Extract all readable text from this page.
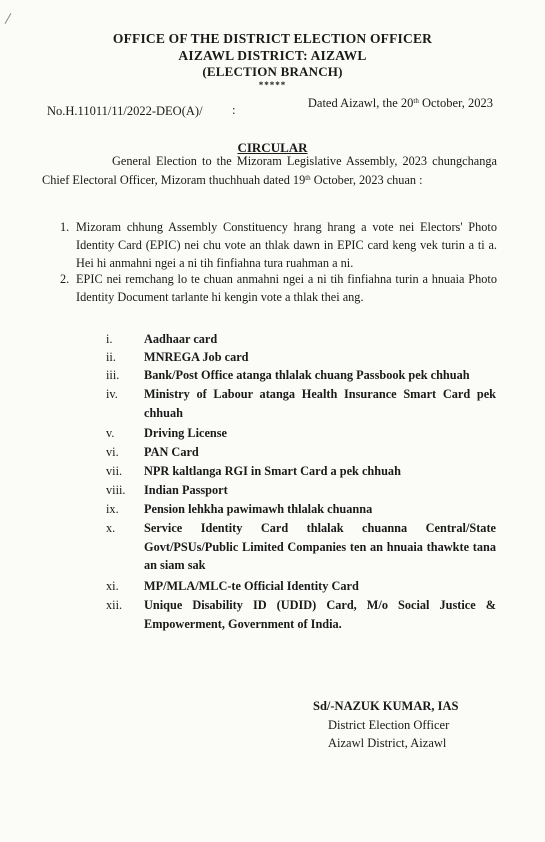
OFFICE OF THE DISTRICT ELECTION OFFICER
AIZAWL DISTRICT: AIZAWL
(ELECTION BRANCH)
*****
No.H.11011/11/2022-DEO(A)/ :	Dated Aizawl, the 20th October, 2023
CIRCULAR
General Election to the Mizoram Legislative Assembly, 2023 chungchanga Chief Electoral Officer, Mizoram thuchhuah dated 19th October, 2023 chuan :
1. Mizoram chhung Assembly Constituency hrang hrang a vote nei Electors' Photo Identity Card (EPIC) nei chu vote an thlak dawn in EPIC card keng vek turin a ti a. Hei hi anmahni ngei a ni tih finfiahna tura ruahman a ni.
2. EPIC nei remchang lo te chuan anmahni ngei a ni tih finfiahna turin a hnuaia Photo Identity Document tarlante hi kengin vote a thlak thei ang.
i.	Aadhaar card
ii. MNREGA Job card
iii. Bank/Post Office atanga thlalak chuang Passbook pek chhuah
iv. Ministry of Labour atanga Health Insurance Smart Card pek chhuah
v. Driving License
vi. PAN Card
vii. NPR kaltlanga RGI in Smart Card a pek chhuah
viii. Indian Passport
ix. Pension lehkha pawimawh thlalak chuanna
x. Service Identity Card thlalak chuanna Central/State Govt/PSUs/Public Limited Companies ten an hnuaia thawkte tana an siam sak
xi. MP/MLA/MLC-te Official Identity Card
xii. Unique Disability ID (UDID) Card, M/o Social Justice & Empowerment, Government of India.
Sd/-NAZUK KUMAR, IAS
District Election Officer
Aizawl District, Aizawl
